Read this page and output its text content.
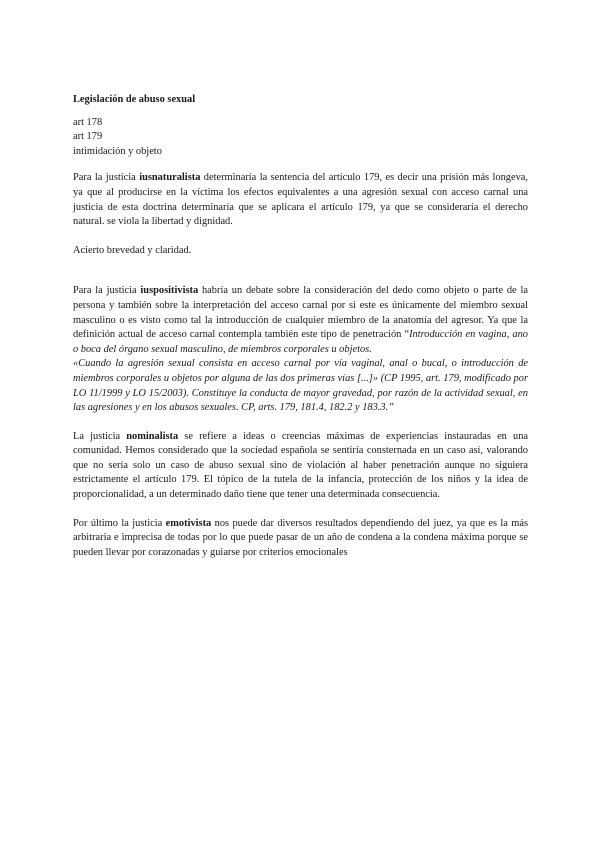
Legislación de abuso sexual

art 178

art 179

intimidación y objeto

Para la justicia iusnaturalista determinaría la sentencia del artículo 179, es decir una prisión más longeva, ya que al producirse en la víctima los efectos equivalentes a una agresión sexual con acceso carnal una justicia de esta doctrina determinaría que se aplicara el artículo 179, ya que se consideraría el derecho natural. se viola la libertad y dignidad.

Acierto brevedad y claridad.

Para la justicia iuspositivista habría un debate sobre la consideración del dedo como objeto o parte de la persona y también sobre la interpretación del acceso carnal por si este es únicamente del miembro sexual masculino o es visto como tal la introducción de cualquier miembro de la anatomía del agresor. Ya que la definición actual de acceso carnal contempla también este tipo de penetración “Introducción en vagina, ano o boca del órgano sexual masculino, de miembros corporales u objetos.

«Cuando la agresión sexual consista en acceso carnal por vía vaginal, anal o bucal, o introducción de miembros corporales u objetos por alguna de las dos primeras vías [...]» (CP 1995, art. 179, modificado por LO 11/1999 y LO 15/2003). Constituye la conducta de mayor gravedad, por razón de la actividad sexual, en las agresiones y en los abusos sexuales. CP, arts. 179, 181.4, 182.2 y 183.3.”

La justicia nominalista se refiere a ideas o creencias máximas de experiencias instauradas en una comunidad. Hemos considerado que la sociedad española se sentiría consternada en un caso así, valorando que no sería solo un caso de abuso sexual sino de violación al haber penetración aunque no siguiera estrictamente el artículo 179. El tópico de la tutela de la infancia, protección de los niños y la idea de proporcionalidad, a un determinado daño tiene que tener una determinada consecuencia.

Por último la justicia emotivista nos puede dar diversos resultados dependiendo del juez, ya que es la más arbitraria e imprecisa de todas por lo que puede pasar de un año de condena a la condena máxima porque se pueden llevar por corazonadas y guiarse por criterios emocionales
